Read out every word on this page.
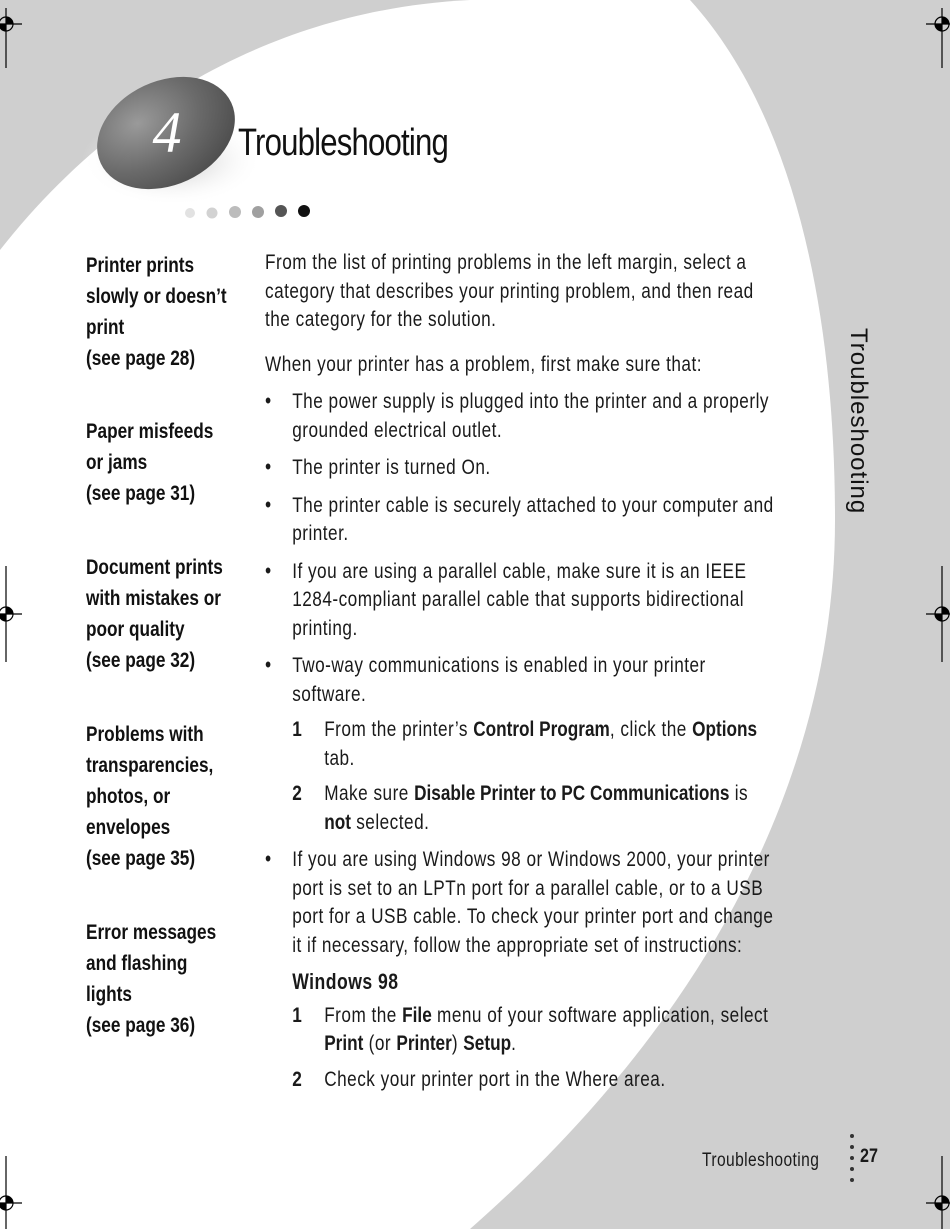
4 Troubleshooting
Troubleshooting
Printer prints
slowly or doesn’t
print
(see page 28)
Paper misfeeds
or jams
(see page 31)
Document prints
with mistakes or
poor quality
(see page 32)
Problems with
transparencies,
photos, or
envelopes
(see page 35)
Error messages
and flashing
lights
(see page 36)

From the list of printing problems in the left margin, select a category that describes your printing problem, and then read the category for the solution.

When your printer has a problem, first make sure that:

• The power supply is plugged into the printer and a properly grounded electrical outlet.
• The printer is turned On.
• The printer cable is securely attached to your computer and printer.
• If you are using a parallel cable, make sure it is an IEEE 1284-compliant parallel cable that supports bidirectional printing.
• Two-way communications is enabled in your printer software.
1 From the printer’s Control Program, click the Options tab.
2 Make sure Disable Printer to PC Communications is not selected.
• If you are using Windows 98 or Windows 2000, your printer port is set to an LPTn port for a parallel cable, or to a USB port for a USB cable. To check your printer port and change it if necessary, follow the appropriate set of instructions:
Windows 98
1 From the File menu of your software application, select Print (or Printer) Setup.
2 Check your printer port in the Where area.
Troubleshooting 27
